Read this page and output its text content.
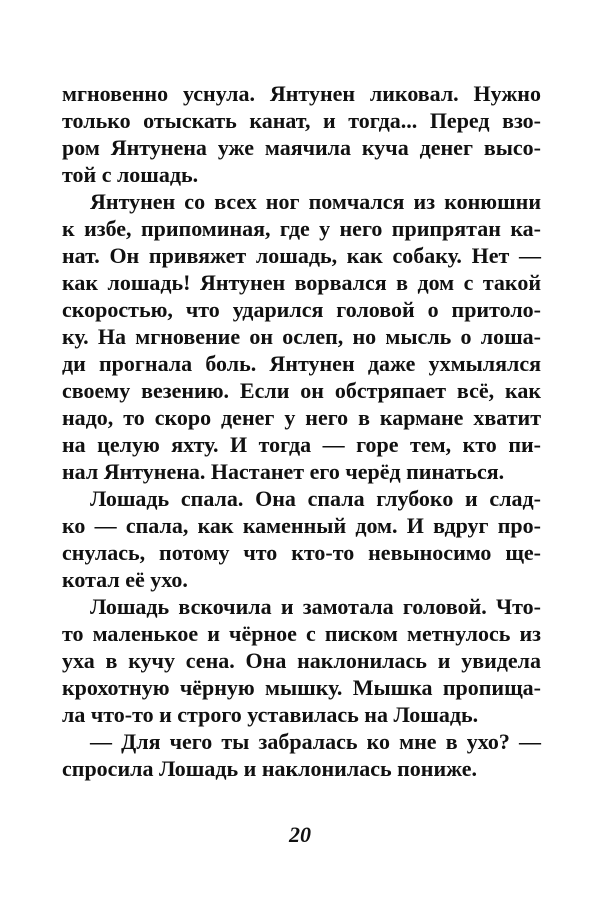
мгновенно уснула. Янтунен ликовал. Нужно
только отыскать канат, и тогда... Перед взо-
ром Янтунена уже маячила куча денег высо-
той с лошадь.
Янтунен со всех ног помчался из конюшни
к избе, припоминая, где у него припрятан ка-
нат. Он привяжет лошадь, как собаку. Нет —
как лошадь! Янтунен ворвался в дом с такой
скоростью, что ударился головой о притоло-
ку. На мгновение он ослеп, но мысль о лоша-
ди прогнала боль. Янтунен даже ухмылялся
своему везению. Если он обстряпает всё, как
надо, то скоро денег у него в кармане хватит
на целую яхту. И тогда — горе тем, кто пи-
нал Янтунена. Настанет его черёд пинаться.
Лошадь спала. Она спала глубоко и слад-
ко — спала, как каменный дом. И вдруг про-
снулась, потому что кто-то невыносимо ще-
котал её ухо.
Лошадь вскочила и замотала головой. Что-
то маленькое и чёрное с писком метнулось из
уха в кучу сена. Она наклонилась и увидела
крохотную чёрную мышку. Мышка пропища-
ла что-то и строго уставилась на Лошадь.
— Для чего ты забралась ко мне в ухо? —
спросила Лошадь и наклонилась пониже.
20
